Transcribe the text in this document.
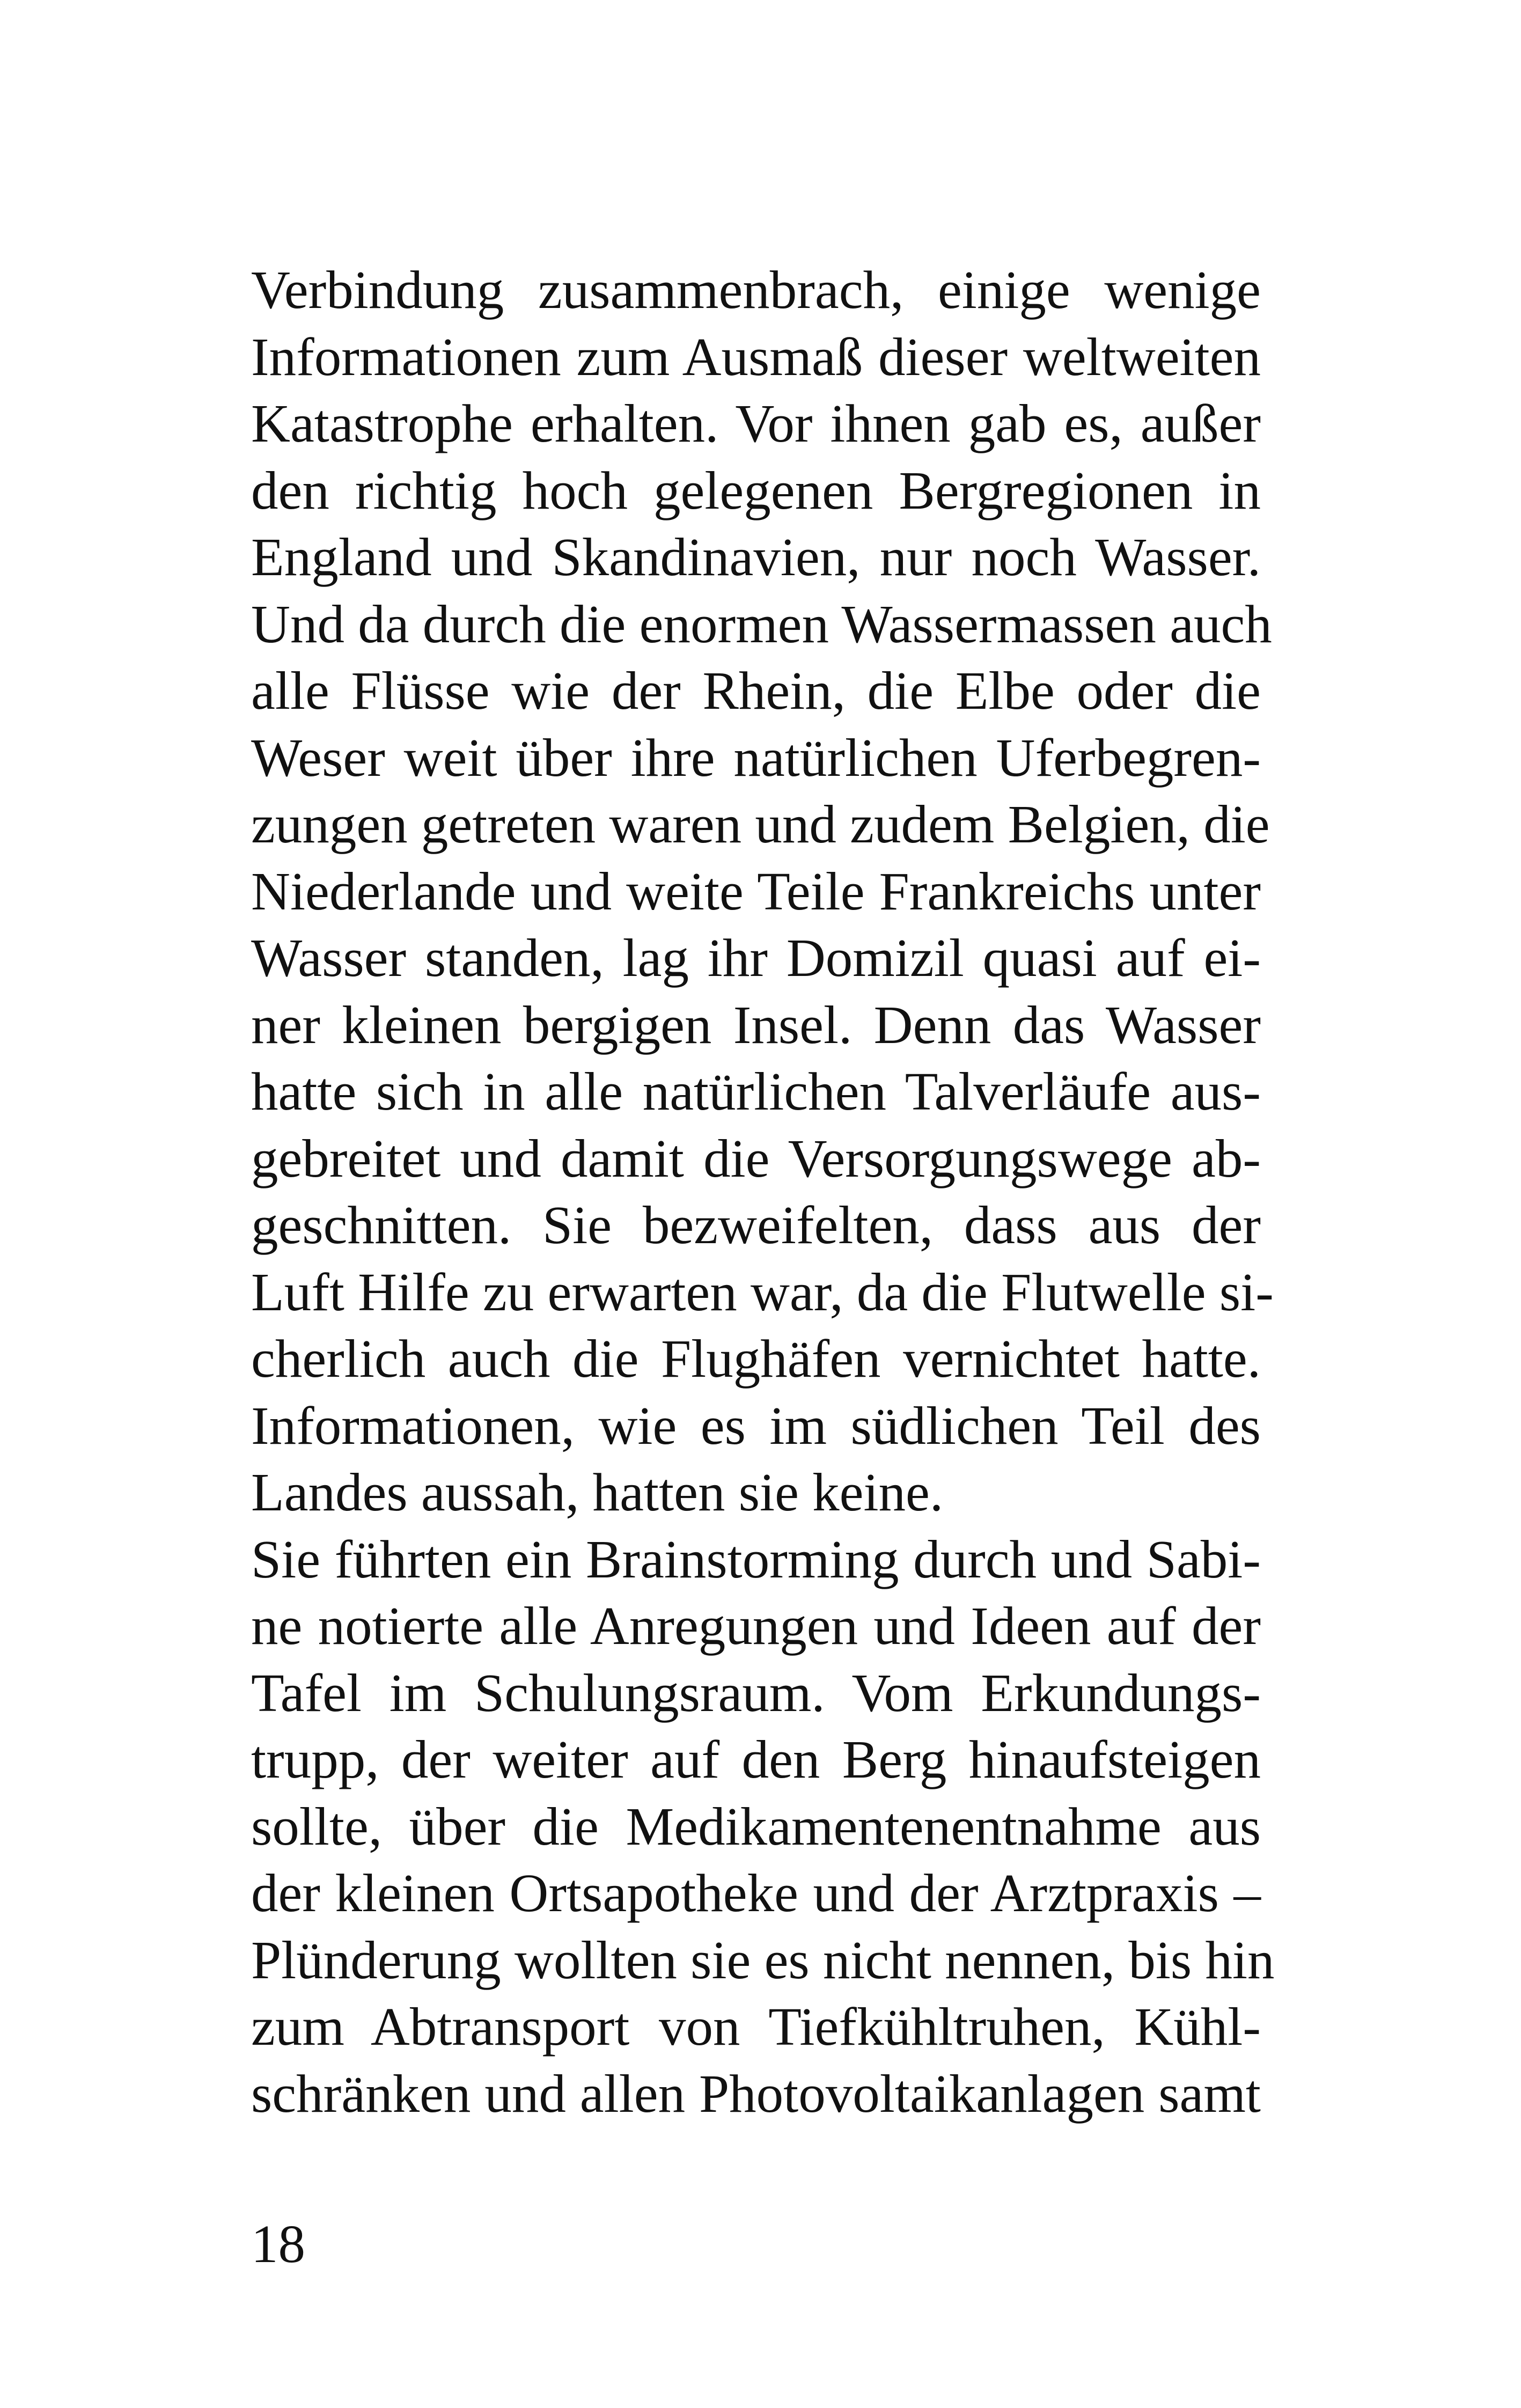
Verbindung zusammenbrach, einige wenige
Informationen zum Ausmaß dieser weltweiten
Katastrophe erhalten. Vor ihnen gab es, außer
den richtig hoch gelegenen Bergregionen in
England und Skandinavien, nur noch Wasser.
Und da durch die enormen Wassermassen auch
alle Flüsse wie der Rhein, die Elbe oder die
Weser weit über ihre natürlichen Uferbegren-
zungen getreten waren und zudem Belgien, die
Niederlande und weite Teile Frankreichs unter
Wasser standen, lag ihr Domizil quasi auf ei-
ner kleinen bergigen Insel. Denn das Wasser
hatte sich in alle natürlichen Talverläufe aus-
gebreitet und damit die Versorgungswege ab-
geschnitten. Sie bezweifelten, dass aus der
Luft Hilfe zu erwarten war, da die Flutwelle si-
cherlich auch die Flughäfen vernichtet hatte.
Informationen, wie es im südlichen Teil des
Landes aussah, hatten sie keine.
Sie führten ein Brainstorming durch und Sabi-
ne notierte alle Anregungen und Ideen auf der
Tafel im Schulungsraum. Vom Erkundungs-
trupp, der weiter auf den Berg hinaufsteigen
sollte, über die Medikamentenentnahme aus
der kleinen Ortsapotheke und der Arztpraxis –
Plünderung wollten sie es nicht nennen, bis hin
zum Abtransport von Tiefkühltruhen, Kühl-
schränken und allen Photovoltaikanlagen samt
18
